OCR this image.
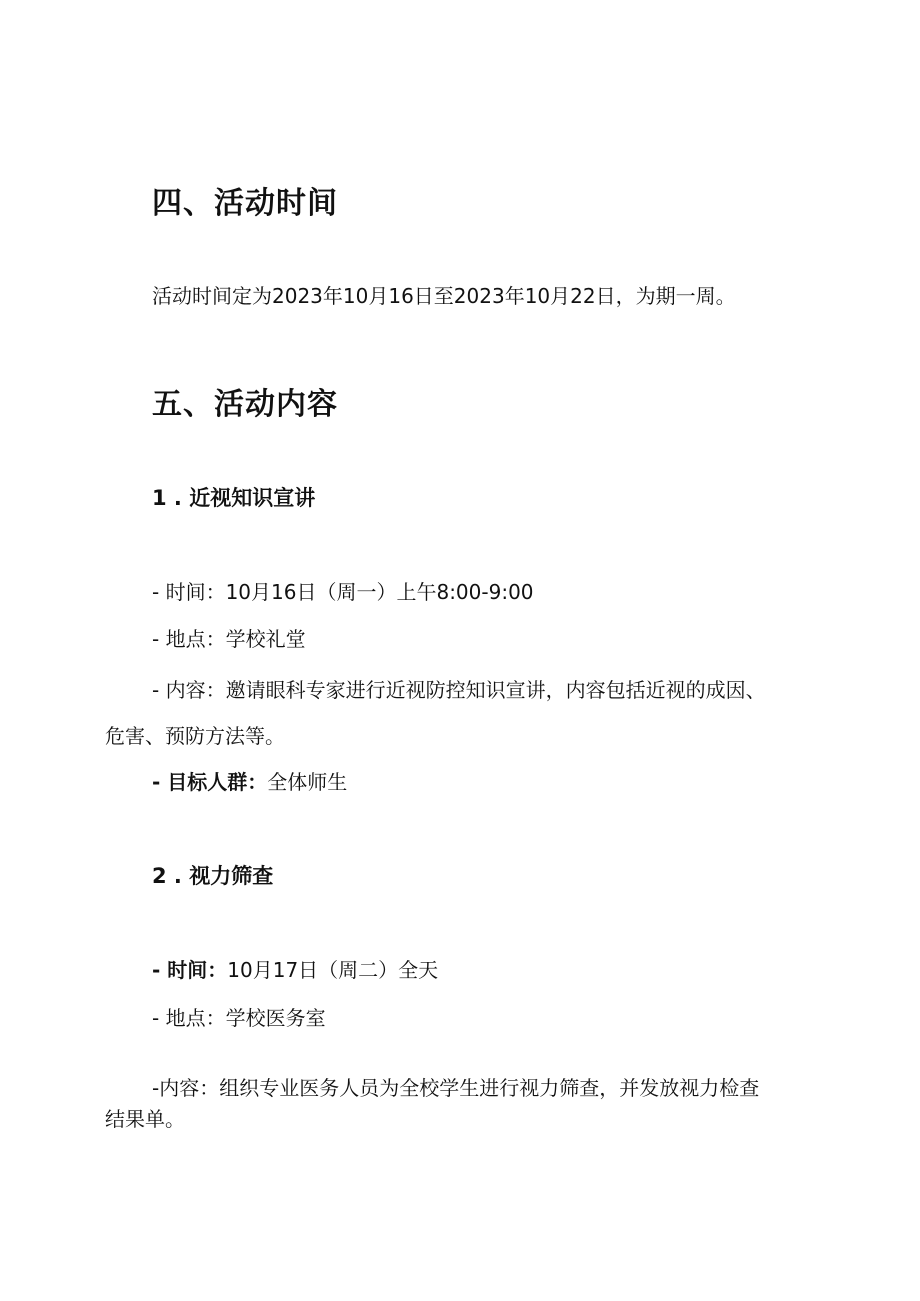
四、活动时间
活动时间定为2023年10月16日至2023年10月22日，为期一周。
五、活动内容
1 . 近视知识宣讲
- 时间：10月16日（周一）上午8:00-9:00
- 地点：学校礼堂
- 内容：邀请眼科专家进行近视防控知识宣讲，内容包括近视的成因、
危害、预防方法等。
- 目标人群：全体师生
2 . 视力筛查
- 时间：10月17日（周二）全天
- 地点：学校医务室
-内容：组织专业医务人员为全校学生进行视力筛查，并发放视力检查
结果单。
